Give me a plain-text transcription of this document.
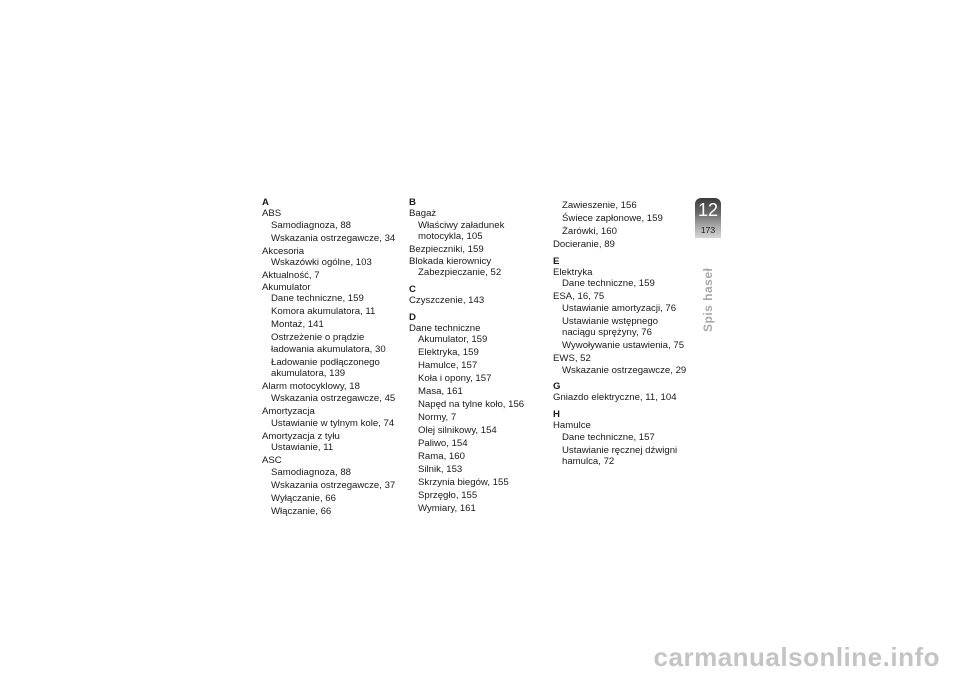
A
ABS
Samodiagnoza, 88
Wskazania ostrzegawcze, 34
Akcesoria
Wskazówki ogólne, 103
Aktualność, 7
Akumulator
Dane techniczne, 159
Komora akumulatora, 11
Montaż, 141
Ostrzeżenie o prądzie ładowania akumulatora, 30
Ładowanie podłączonego akumulatora, 139
Alarm motocyklowy, 18
Wskazania ostrzegawcze, 45
Amortyzacja
Ustawianie w tylnym kole, 74
Amortyzacja z tyłu
Ustawianie, 11
ASC
Samodiagnoza, 88
Wskazania ostrzegawcze, 37
Wyłączanie, 66
Włączanie, 66
B
Bagaż
Właściwy załadunek motocykla, 105
Bezpieczniki, 159
Blokada kierownicy
Zabezpieczanie, 52
C
Czyszczenie, 143
D
Dane techniczne
Akumulator, 159
Elektryka, 159
Hamulce, 157
Koła i opony, 157
Masa, 161
Napęd na tylne koło, 156
Normy, 7
Olej silnikowy, 154
Paliwo, 154
Rama, 160
Silnik, 153
Skrzynia biegów, 155
Sprzęgło, 155
Wymiary, 161
Zawieszenie, 156
Świece zapłonowe, 159
Żarówki, 160
Docieranie, 89
E
Elektryka
Dane techniczne, 159
ESA, 16, 75
Ustawianie amortyzacji, 76
Ustawianie wstępnego naciągu sprężyny, 76
Wywoływanie ustawienia, 75
EWS, 52
Wskazanie ostrzegawcze, 29
G
Gniazdo elektryczne, 11, 104
H
Hamulce
Dane techniczne, 157
Ustawianie ręcznej dźwigni hamulca, 72
12
173
Spis haseł
carmanualsonline.info
